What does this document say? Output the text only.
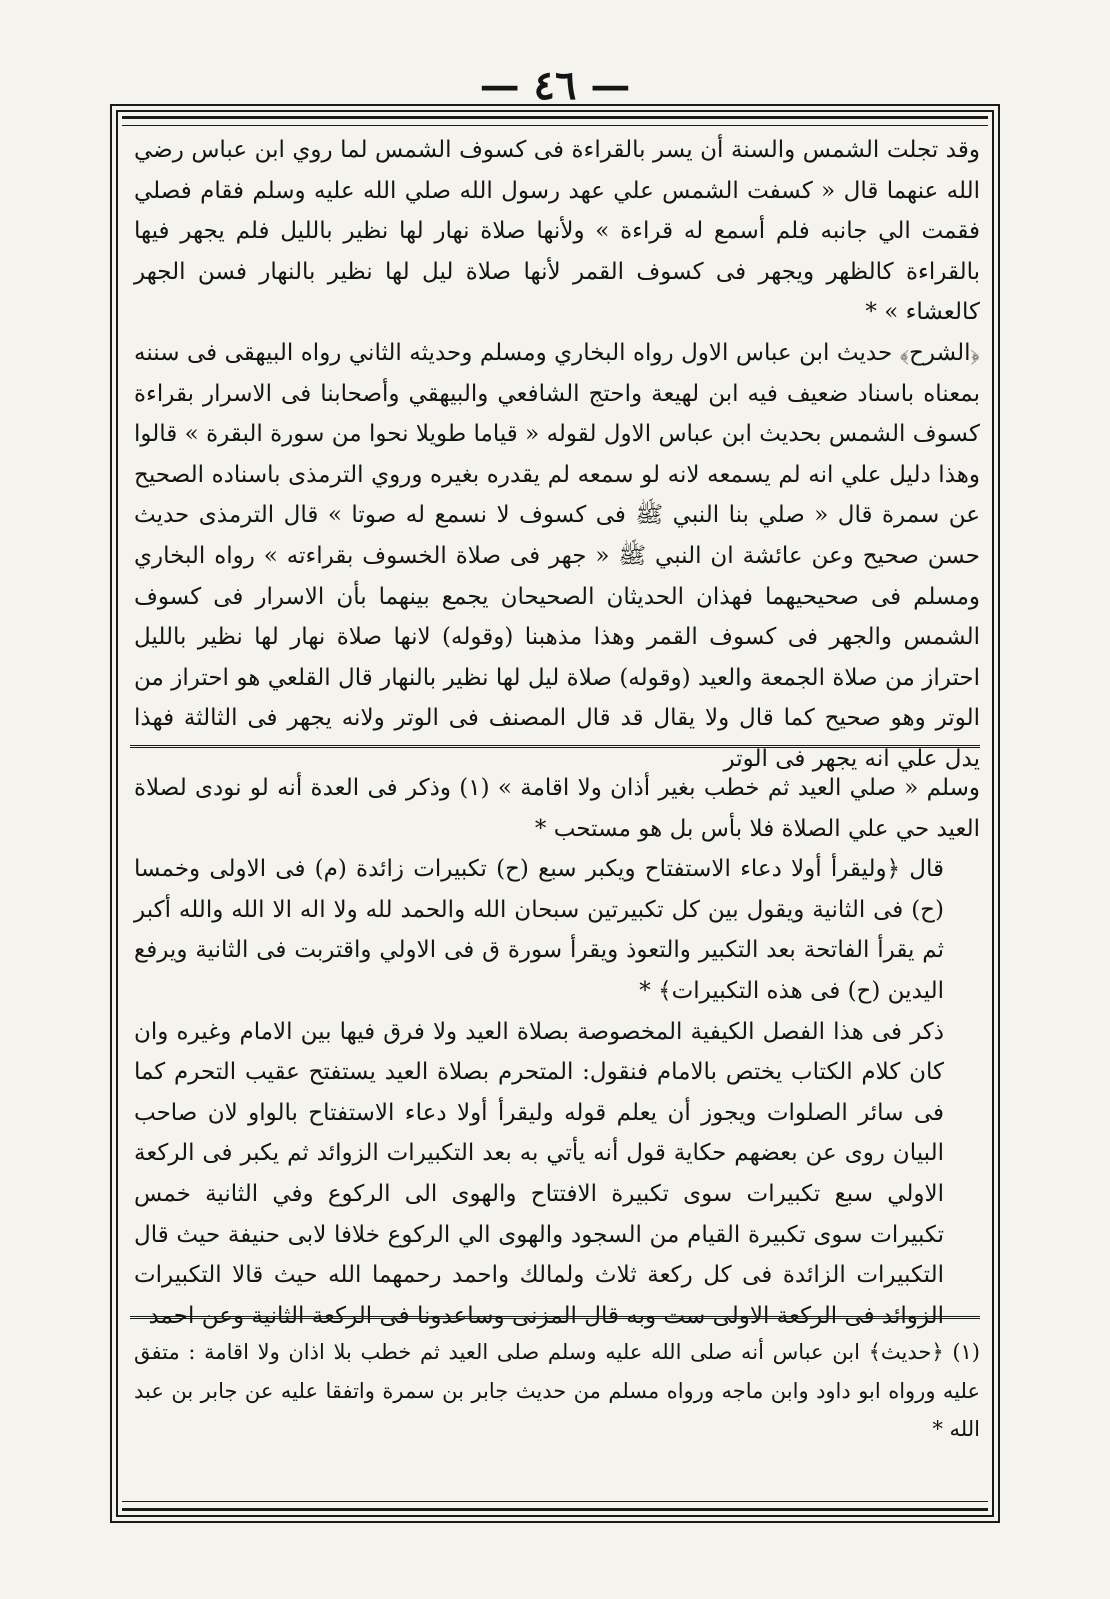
— ٤٦ —

وقد تجلت الشمس والسنة أن يسر بالقراءة فى كسوف الشمس لما روي ابن عباس رضي الله عنهما قال « كسفت الشمس علي عهد رسول الله صلي الله عليه وسلم فقام فصلي فقمت الي جانبه فلم أسمع له قراءة » ولأنها صلاة نهار لها نظير بالليل فلم يجهر فيها بالقراءة كالظهر ويجهر فى كسوف القمر لأنها صلاة ليل لها نظير بالنهار فسن الجهر كالعشاء » *

﴿الشرح﴾ حديث ابن عباس الاول رواه البخاري ومسلم وحديثه الثاني رواه البيهقى فى سننه بمعناه باسناد ضعيف فيه ابن لهيعة واحتج الشافعي والبيهقي وأصحابنا فى الاسرار بقراءة كسوف الشمس بحديث ابن عباس الاول لقوله « قياما طويلا نحوا من سورة البقرة » قالوا وهذا دليل علي انه لم يسمعه لانه لو سمعه لم يقدره بغيره وروي الترمذى باسناده الصحيح عن سمرة قال « صلي بنا النبي ﷺ فى كسوف لا نسمع له صوتا » قال الترمذى حديث حسن صحيح وعن عائشة ان النبي ﷺ « جهر فى صلاة الخسوف بقراءته » رواه البخاري ومسلم فى صحيحيهما فهذان الحديثان الصحيحان يجمع بينهما بأن الاسرار فى كسوف الشمس والجهر فى كسوف القمر وهذا مذهبنا (وقوله) لانها صلاة نهار لها نظير بالليل احتراز من صلاة الجمعة والعيد (وقوله) صلاة ليل لها نظير بالنهار قال القلعي هو احتراز من الوتر وهو صحيح كما قال ولا يقال قد قال المصنف فى الوتر ولانه يجهر فى الثالثة فهذا يدل علي انه يجهر فى الوتر

وسلم « صلي العيد ثم خطب بغير أذان ولا اقامة » (١) وذكر فى العدة أنه لو نودى لصلاة العيد حي علي الصلاة فلا بأس بل هو مستحب *

قال ﴿وليقرأ أولا دعاء الاستفتاح ويكبر سبع (ح) تكبيرات زائدة (م) فى الاولى وخمسا (ح) فى الثانية ويقول بين كل تكبيرتين سبحان الله والحمد لله ولا اله الا الله والله أكبر ثم يقرأ الفاتحة بعد التكبير والتعوذ ويقرأ سورة ق فى الاولي واقتربت فى الثانية ويرفع اليدين (ح) فى هذه التكبيرات﴾ *

ذكر فى هذا الفصل الكيفية المخصوصة بصلاة العيد ولا فرق فيها بين الامام وغيره وان كان كلام الكتاب يختص بالامام فنقول: المتحرم بصلاة العيد يستفتح عقيب التحرم كما فى سائر الصلوات ويجوز أن يعلم قوله وليقرأ أولا دعاء الاستفتاح بالواو لان صاحب البيان روى عن بعضهم حكاية قول أنه يأتي به بعد التكبيرات الزوائد ثم يكبر فى الركعة الاولي سبع تكبيرات سوى تكبيرة الافتتاح والهوى الى الركوع وفي الثانية خمس تكبيرات سوى تكبيرة القيام من السجود والهوى الي الركوع خلافا لابى حنيفة حيث قال التكبيرات الزائدة فى كل ركعة ثلاث ولمالك واحمد رحمهما الله حيث قالا التكبيرات الزوائد فى الركعة الاولى ست وبه قال المزنى وساعدونا فى الركعة الثانية وعن احمد

(١) ﴿حديث﴾ ابن عباس أنه صلى الله عليه وسلم صلى العيد ثم خطب بلا اذان ولا اقامة : متفق عليه ورواه ابو داود وابن ماجه ورواه مسلم من حديث جابر بن سمرة واتفقا عليه عن جابر بن عبد الله *
